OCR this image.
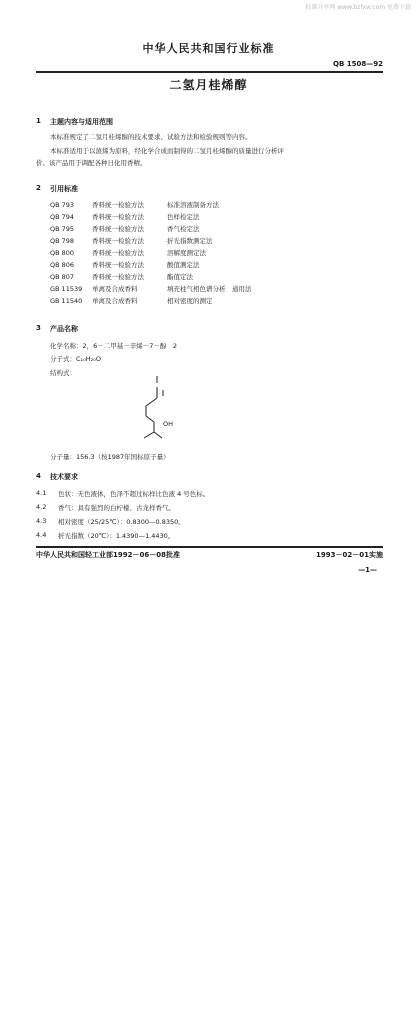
标准分享网 www.bzfxw.com 免费下载
中华人民共和国行业标准
QB 1508—92
二氢月桂烯醇
1 主题内容与适用范围
本标准规定了二氢月桂烯醇的技术要求、试验方法和检验规则等内容。
本标准适用于以蒎烯为原料，经化学合成而制得的二氢月桂烯醇的质量进行分析评
价。该产品用于调配各种日化用香精。
2 引用标准
QB 793	香料统一检验方法	标准溶液制备方法
QB 794	香料统一检验方法	色样检定法
QB 795	香料统一检验方法	香气检定法
QB 798	香料统一检验方法	折光指数测定法
QB 800	香料统一检验方法	溶解度测定法
QB 806	香料统一检验方法	酸值测定法
QB 807	香料统一检验方法	酯值定法
GB 11539 单离及合成香料	填充柱气相色谱分析　通用法
GB 11540 单离及合成香料	相对密度的测定
3 产品名称
化学名称：2，6－二甲基－辛烯－7－醇　2
分子式：C₁₀H₂₀O
结构式：
OH
分子量：156.3（按1987年国标原子量）
4 技术要求
4.1 色状：无色液体，色泽不超过标样比色液 4 号色标。
4.2 香气：具有强烈的白柠檬、古龙样香气。
4.3 相对密度（25/25℃）：0.8300—0.8350。
4.4 折光指数（20℃）：1.4390—1.4430。
中华人民共和国轻工业部1992－06－08批准	1993－02－01实施
—1—
